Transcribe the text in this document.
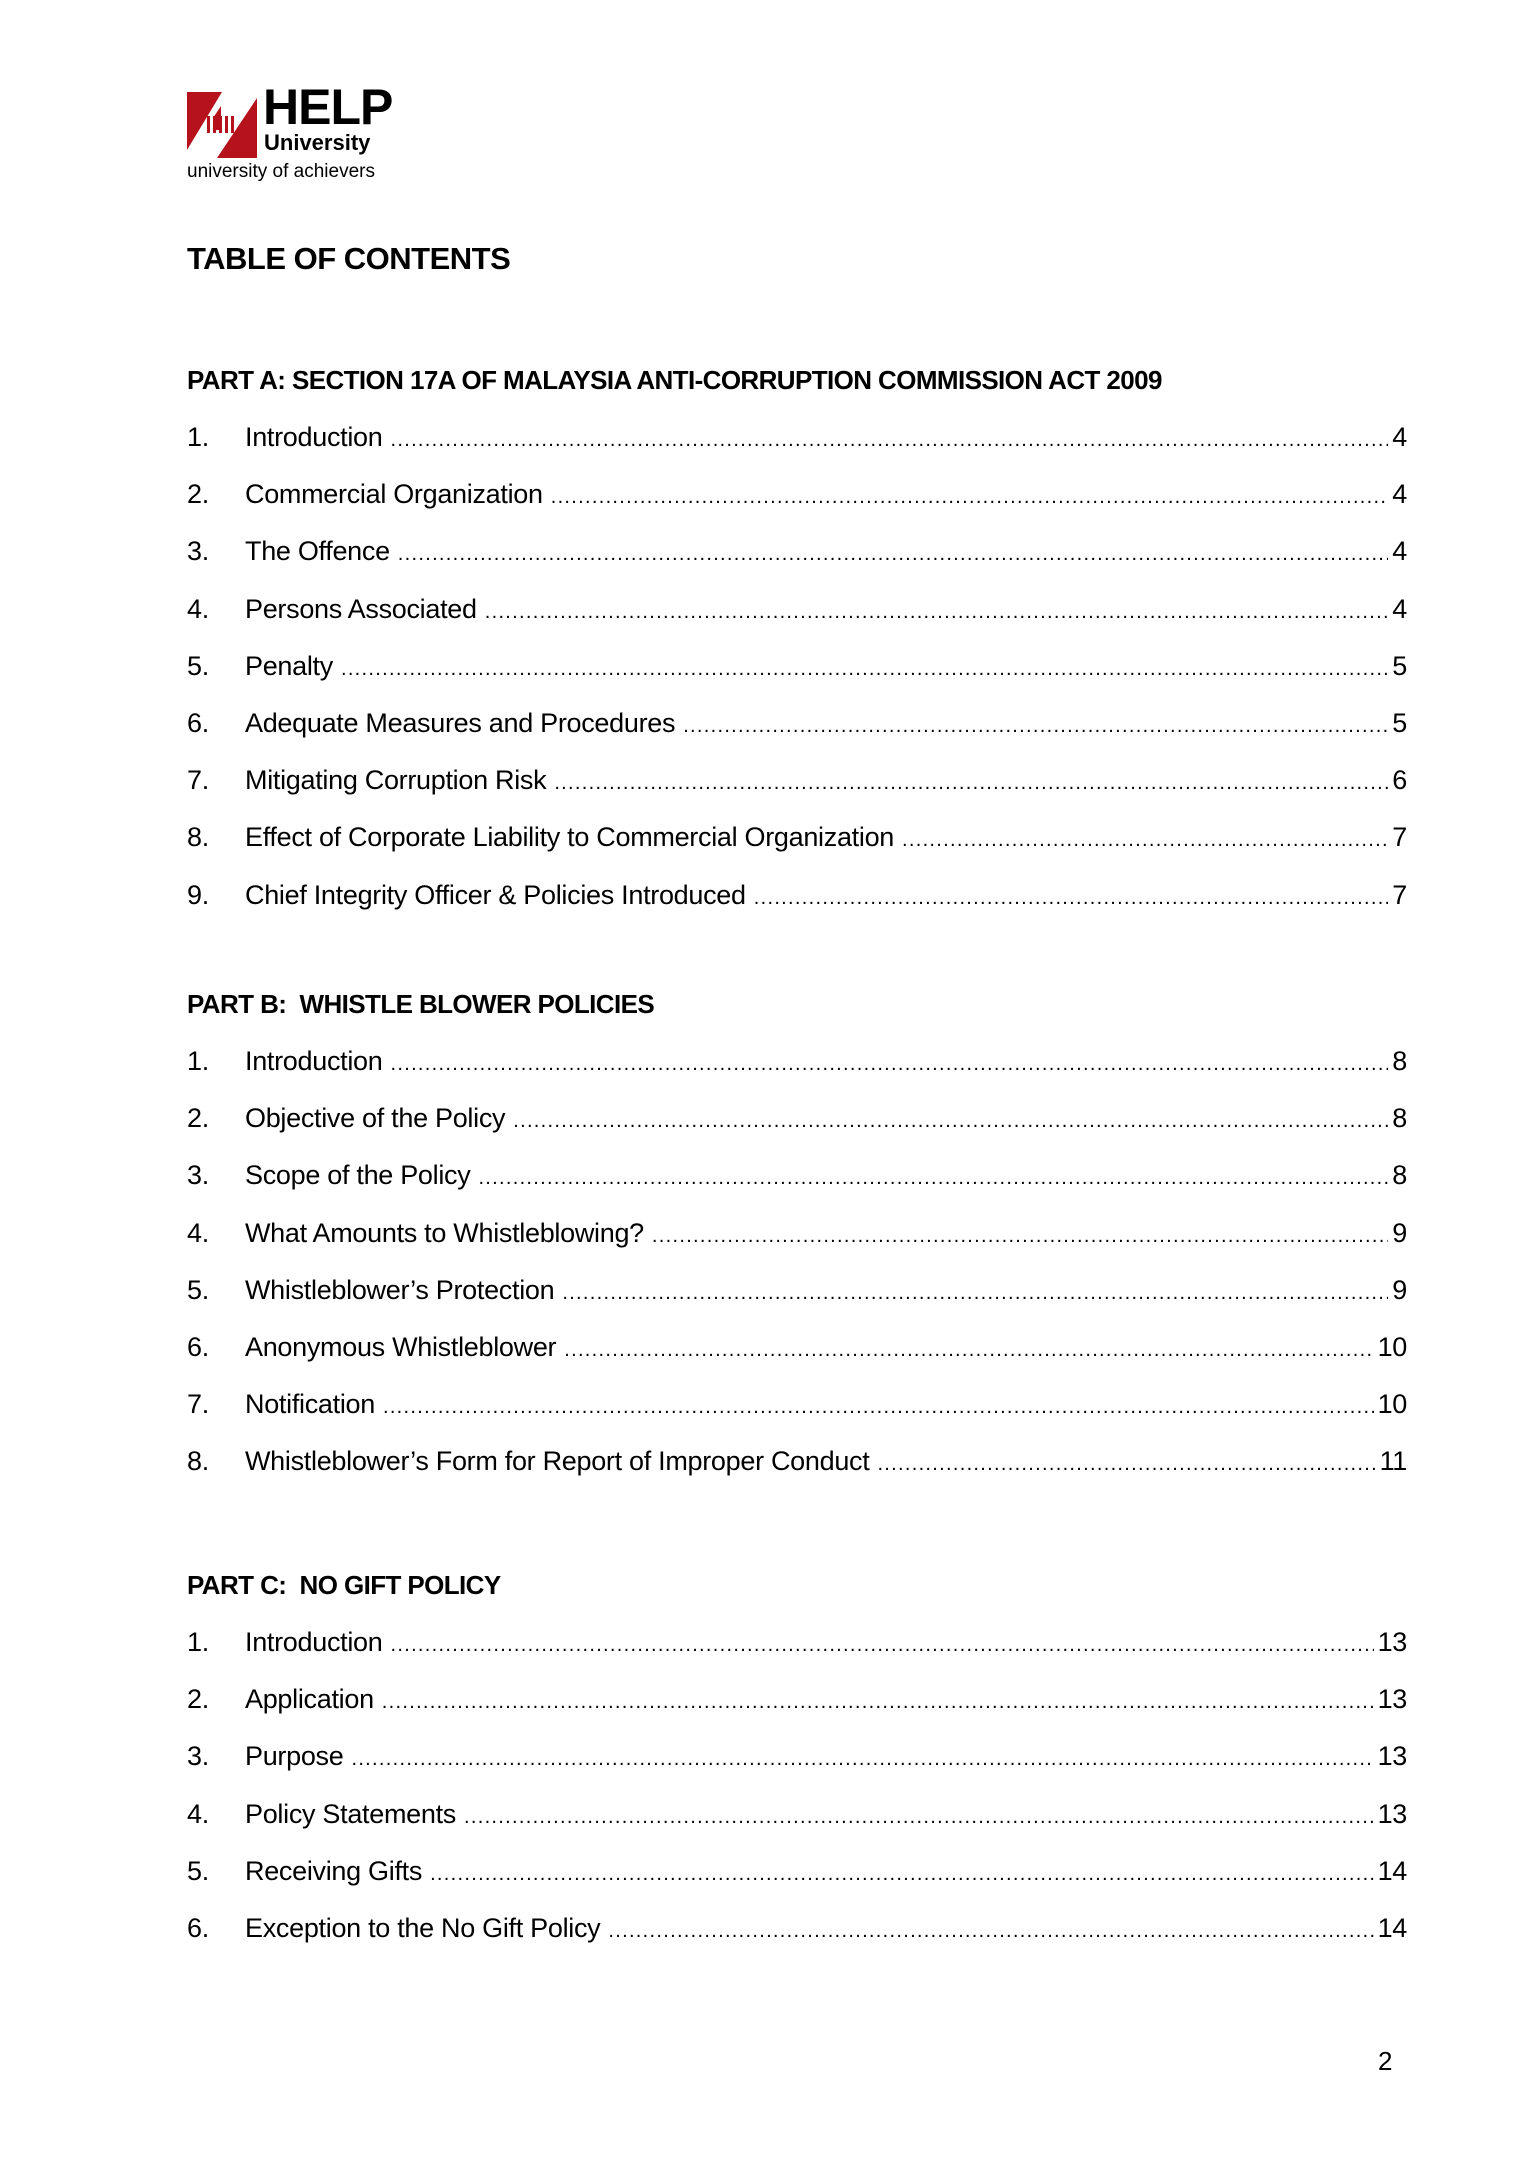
HELP
University
university of achievers
TABLE OF CONTENTS
PART A: SECTION 17A OF MALAYSIA ANTI-CORRUPTION COMMISSION ACT 2009
1.	Introduction .....	4
2.	Commercial Organization .....	4
3.	The Offence .....	4
4.	Persons Associated .....	4
5.	Penalty .....	5
6.	Adequate Measures and Procedures .....	5
7.	Mitigating Corruption Risk .....	6
8.	Effect of Corporate Liability to Commercial Organization .....	7
9.	Chief Integrity Officer & Policies Introduced .....	7
PART B:  WHISTLE BLOWER POLICIES
1.	Introduction .....	8
2.	Objective of the Policy .....	8
3.	Scope of the Policy .....	8
4.	What Amounts to Whistleblowing? .....	9
5.	Whistleblower’s Protection .....	9
6.	Anonymous Whistleblower .....	10
7.	Notification .....	10
8.	Whistleblower’s Form for Report of Improper Conduct .....	11
PART C:  NO GIFT POLICY
1.	Introduction .....	13
2.	Application .....	13
3.	Purpose .....	13
4.	Policy Statements .....	13
5.	Receiving Gifts .....	14
6.	Exception to the No Gift Policy .....	14
2
